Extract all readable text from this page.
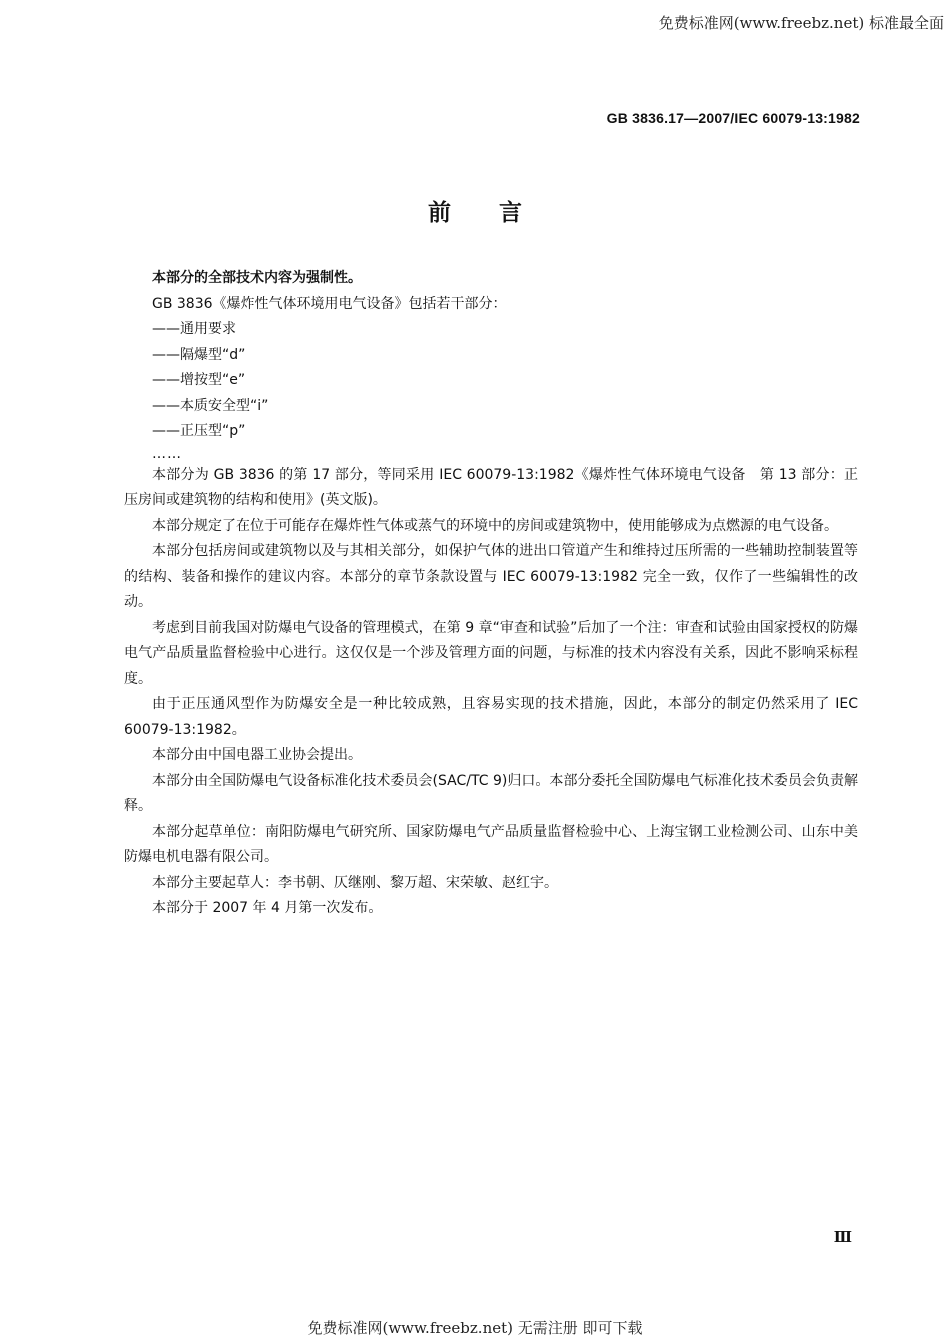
免费标准网(www.freebz.net) 标准最全面
GB 3836.17—2007/IEC 60079-13:1982
前言

本部分的全部技术内容为强制性。

GB 3836《爆炸性气体环境用电气设备》包括若干部分：

——通用要求
——隔爆型“d”
——增按型“e”
——本质安全型“i”
——正压型“p”
……

本部分为 GB 3836 的第 17 部分，等同采用 IEC 60079-13:1982《爆炸性气体环境电气设备　第 13 部分：正压房间或建筑物的结构和使用》(英文版)。

本部分规定了在位于可能存在爆炸性气体或蒸气的环境中的房间或建筑物中，使用能够成为点燃源的电气设备。

本部分包括房间或建筑物以及与其相关部分，如保护气体的进出口管道产生和维持过压所需的一些辅助控制装置等的结构、装备和操作的建议内容。本部分的章节条款设置与 IEC 60079-13:1982 完全一致，仅作了一些编辑性的改动。

考虑到目前我国对防爆电气设备的管理模式，在第 9 章“审查和试验”后加了一个注：审查和试验由国家授权的防爆电气产品质量监督检验中心进行。这仅仅是一个涉及管理方面的问题，与标准的技术内容没有关系，因此不影响采标程度。

由于正压通风型作为防爆安全是一种比较成熟，且容易实现的技术措施，因此，本部分的制定仍然采用了 IEC 60079-13:1982。

本部分由中国电器工业协会提出。

本部分由全国防爆电气设备标准化技术委员会(SAC/TC 9)归口。本部分委托全国防爆电气标准化技术委员会负责解释。

本部分起草单位：南阳防爆电气研究所、国家防爆电气产品质量监督检验中心、上海宝钢工业检测公司、山东中美防爆电机电器有限公司。

本部分主要起草人：李书朝、仄继刚、黎万超、宋荣敏、赵红宇。

本部分于 2007 年 4 月第一次发布。

Ⅲ
免费标准网(www.freebz.net) 无需注册 即可下载
